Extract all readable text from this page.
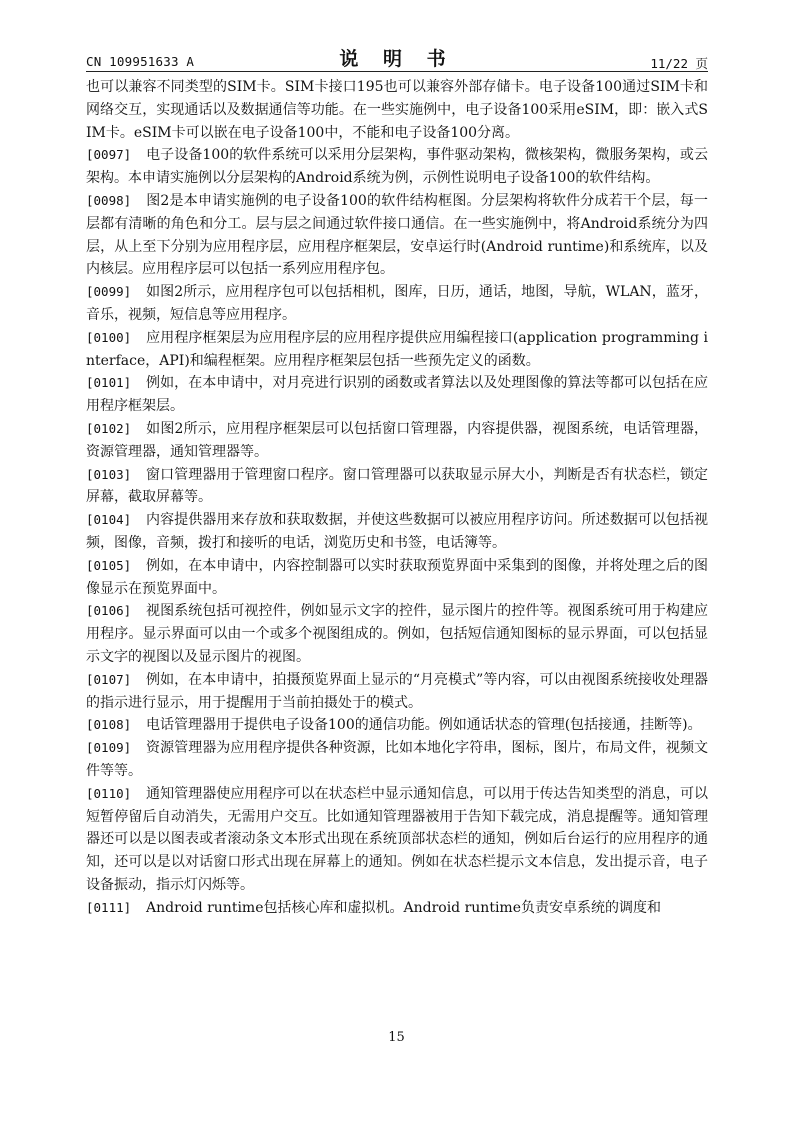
CN 109951633 A	说 明 书	11/22 页

也可以兼容不同类型的SIM卡。SIM卡接口195也可以兼容外部存储卡。电子设备100通过SIM卡和网络交互，实现通话以及数据通信等功能。在一些实施例中，电子设备100采用eSIM，即：嵌入式SIM卡。eSIM卡可以嵌在电子设备100中，不能和电子设备100分离。

[0097] 电子设备100的软件系统可以采用分层架构，事件驱动架构，微核架构，微服务架构，或云架构。本申请实施例以分层架构的Android系统为例，示例性说明电子设备100的软件结构。

[0098] 图2是本申请实施例的电子设备100的软件结构框图。分层架构将软件分成若干个层，每一层都有清晰的角色和分工。层与层之间通过软件接口通信。在一些实施例中，将Android系统分为四层，从上至下分别为应用程序层，应用程序框架层，安卓运行时(Android runtime)和系统库，以及内核层。应用程序层可以包括一系列应用程序包。

[0099] 如图2所示，应用程序包可以包括相机，图库，日历，通话，地图，导航，WLAN，蓝牙，音乐，视频，短信息等应用程序。

[0100] 应用程序框架层为应用程序层的应用程序提供应用编程接口(application programming interface，API)和编程框架。应用程序框架层包括一些预先定义的函数。

[0101] 例如，在本申请中，对月亮进行识别的函数或者算法以及处理图像的算法等都可以包括在应用程序框架层。

[0102] 如图2所示，应用程序框架层可以包括窗口管理器，内容提供器，视图系统，电话管理器，资源管理器，通知管理器等。

[0103] 窗口管理器用于管理窗口程序。窗口管理器可以获取显示屏大小，判断是否有状态栏，锁定屏幕，截取屏幕等。

[0104] 内容提供器用来存放和获取数据，并使这些数据可以被应用程序访问。所述数据可以包括视频，图像，音频，拨打和接听的电话，浏览历史和书签，电话簿等。

[0105] 例如，在本申请中，内容控制器可以实时获取预览界面中采集到的图像，并将处理之后的图像显示在预览界面中。

[0106] 视图系统包括可视控件，例如显示文字的控件，显示图片的控件等。视图系统可用于构建应用程序。显示界面可以由一个或多个视图组成的。例如，包括短信通知图标的显示界面，可以包括显示文字的视图以及显示图片的视图。

[0107] 例如，在本申请中，拍摄预览界面上显示的“月亮模式”等内容，可以由视图系统接收处理器的指示进行显示，用于提醒用于当前拍摄处于的模式。

[0108] 电话管理器用于提供电子设备100的通信功能。例如通话状态的管理(包括接通，挂断等)。

[0109] 资源管理器为应用程序提供各种资源，比如本地化字符串，图标，图片，布局文件，视频文件等等。

[0110] 通知管理器使应用程序可以在状态栏中显示通知信息，可以用于传达告知类型的消息，可以短暂停留后自动消失，无需用户交互。比如通知管理器被用于告知下载完成，消息提醒等。通知管理器还可以是以图表或者滚动条文本形式出现在系统顶部状态栏的通知，例如后台运行的应用程序的通知，还可以是以对话窗口形式出现在屏幕上的通知。例如在状态栏提示文本信息，发出提示音，电子设备振动，指示灯闪烁等。

[0111] Android runtime包括核心库和虚拟机。Android runtime负责安卓系统的调度和

15
